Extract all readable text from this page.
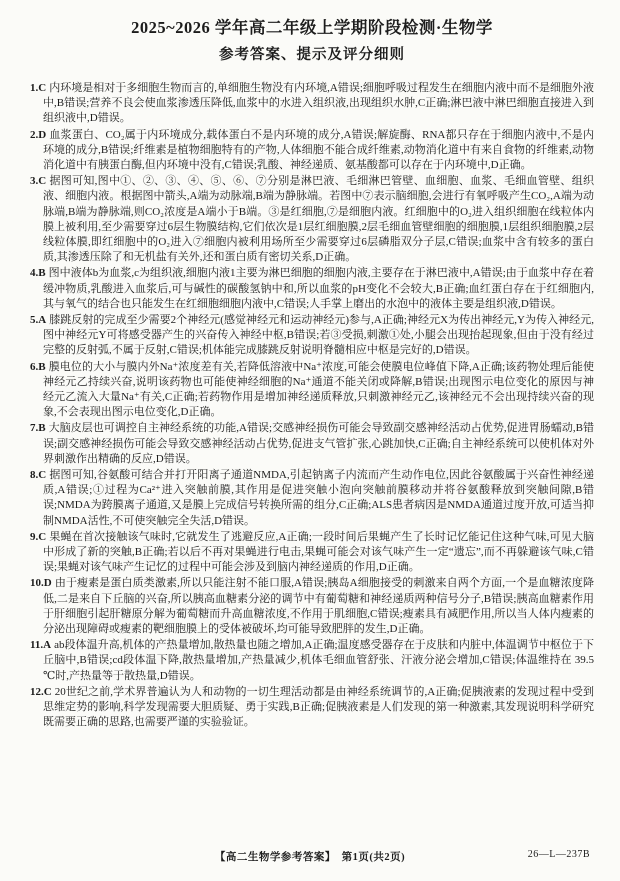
2025~2026 学年高二年级上学期阶段检测·生物学
参考答案、提示及评分细则
1.C 内环境是相对于多细胞生物而言的,单细胞生物没有内环境,A错误;细胞呼吸过程发生在细胞内液中而不是细胞外液中,B错误;营养不良会使血浆渗透压降低,血浆中的水进入组织液,出现组织水肿,C正确;淋巴液中淋巴细胞直接进入到组织液中,D错误。
2.D 血浆蛋白、CO₂属于内环境成分,载体蛋白不是内环境的成分,A错误;解旋酶、RNA都只存在于细胞内液中,不是内环境的成分,B错误;纤维素是植物细胞特有的产物,人体细胞不能合成纤维素,动物消化道中有来自食物的纤维素,动物消化道中有胰蛋白酶,但内环境中没有,C错误;乳酸、神经递质、氨基酸都可以存在于内环境中,D正确。
3.C 据图可知,图中①、②、③、④、⑤、⑥、⑦分别是淋巴液、毛细淋巴管壁、血细胞、血浆、毛细血管壁、组织液、细胞内液。根据图中箭头,A端为动脉端,B端为静脉端。若图中⑦表示脑细胞,会进行有氧呼吸产生CO₂,A端为动脉端,B端为静脉端,则CO₂浓度是A端小于B端。③是红细胞,⑦是细胞内液。红细胞中的O₂进入组织细胞在线粒体内膜上被利用,至少需要穿过6层生物膜结构,它们依次是1层红细胞膜,2层毛细血管壁细胞的细胞膜,1层组织细胞膜,2层线粒体膜,即红细胞中的O₂进入⑦细胞内被利用场所至少需要穿过6层磷脂双分子层,C错误;血浆中含有较多的蛋白质,其渗透压除了和无机盐有关外,还和蛋白质有密切关系,D正确。
4.B 图中液体b为血浆,c为组织液,细胞内液1主要为淋巴细胞的细胞内液,主要存在于淋巴液中,A错误;由于血浆中存在着缓冲物质,乳酸进入血浆后,可与碱性的碳酸氢钠中和,所以血浆的pH变化不会较大,B正确;血红蛋白存在于红细胞内,其与氧气的结合也只能发生在红细胞细胞内液中,C错误;人手掌上磨出的水泡中的液体主要是组织液,D错误。
5.A 膝跳反射的完成至少需要2个神经元(感觉神经元和运动神经元)参与,A正确;神经元X为传出神经元,Y为传入神经元,图中神经元Y可将感受器产生的兴奋传入神经中枢,B错误;若③受损,刺激①处,小腿会出现抬起现象,但由于没有经过完整的反射弧,不属于反射,C错误;机体能完成膝跳反射说明脊髓相应中枢是完好的,D错误。
6.B 膜电位的大小与膜内外Na⁺浓度差有关,若降低溶液中Na⁺浓度,可能会使膜电位峰值下降,A正确;该药物处理后能使神经元乙持续兴奋,说明该药物也可能使神经细胞的Na⁺通道不能关闭或降解,B错误;出现图示电位变化的原因与神经元乙流入大量Na⁺有关,C正确;若药物作用是增加神经递质释放,只刺激神经元乙,该神经元不会出现持续兴奋的现象,不会表现出图示电位变化,D正确。
7.B 大脑皮层也可调控自主神经系统的功能,A错误;交感神经损伤可能会导致副交感神经活动占优势,促进胃肠蠕动,B错误;副交感神经损伤可能会导致交感神经活动占优势,促进支气管扩张,心跳加快,C正确;自主神经系统可以使机体对外界刺激作出精确的反应,D错误。
8.C 据图可知,谷氨酸可结合并打开阳离子通道NMDA,引起钠离子内流而产生动作电位,因此谷氨酸属于兴奋性神经递质,A错误;①过程为Ca²⁺进入突触前膜,其作用是促进突触小泡向突触前膜移动并将谷氨酸释放到突触间隙,B错误;NMDA为跨膜离子通道,又是膜上完成信号转换所需的组分,C正确;ALS患者病因是NMDA通道过度开放,可适当抑制NMDA活性,不可使突触完全失活,D错误。
9.C 果蝇在首次接触该气味时,它就发生了逃避反应,A正确;一段时间后果蝇产生了长时记忆能记住这种气味,可见大脑中形成了新的突触,B正确;若以后不再对果蝇进行电击,果蝇可能会对该气味产生一定“遗忘”,而不再躲避该气味,C错误;果蝇对该气味产生记忆的过程中可能会涉及到脑内神经递质的作用,D正确。
10.D 由于瘦素是蛋白质类激素,所以只能注射不能口服,A错误;胰岛A细胞接受的刺激来自两个方面,一个是血糖浓度降低,二是来自下丘脑的兴奋,所以胰高血糖素分泌的调节中有葡萄糖和神经递质两种信号分子,B错误;胰高血糖素作用于肝细胞引起肝糖原分解为葡萄糖而升高血糖浓度,不作用于肌细胞,C错误;瘦素具有减肥作用,所以当人体内瘦素的分泌出现障碍或瘦素的靶细胞膜上的受体被破坏,均可能导致肥胖的发生,D正确。
11.A ab段体温升高,机体的产热量增加,散热量也随之增加,A正确;温度感受器存在于皮肤和内脏中,体温调节中枢位于下丘脑中,B错误;cd段体温下降,散热量增加,产热量减少,机体毛细血管舒张、汗液分泌会增加,C错误;体温维持在 39.5 ℃时,产热量等于散热量,D错误。
12.C 20世纪之前,学术界普遍认为人和动物的一切生理活动都是由神经系统调节的,A正确;促胰液素的发现过程中受到思维定势的影响,科学发现需要大胆质疑、勇于实践,B正确;促胰液素是人们发现的第一种激素,其发现说明科学研究既需要正确的思路,也需要严谨的实验验证。
【高二生物学参考答案】　第1页(共2页)	26—L—237B
